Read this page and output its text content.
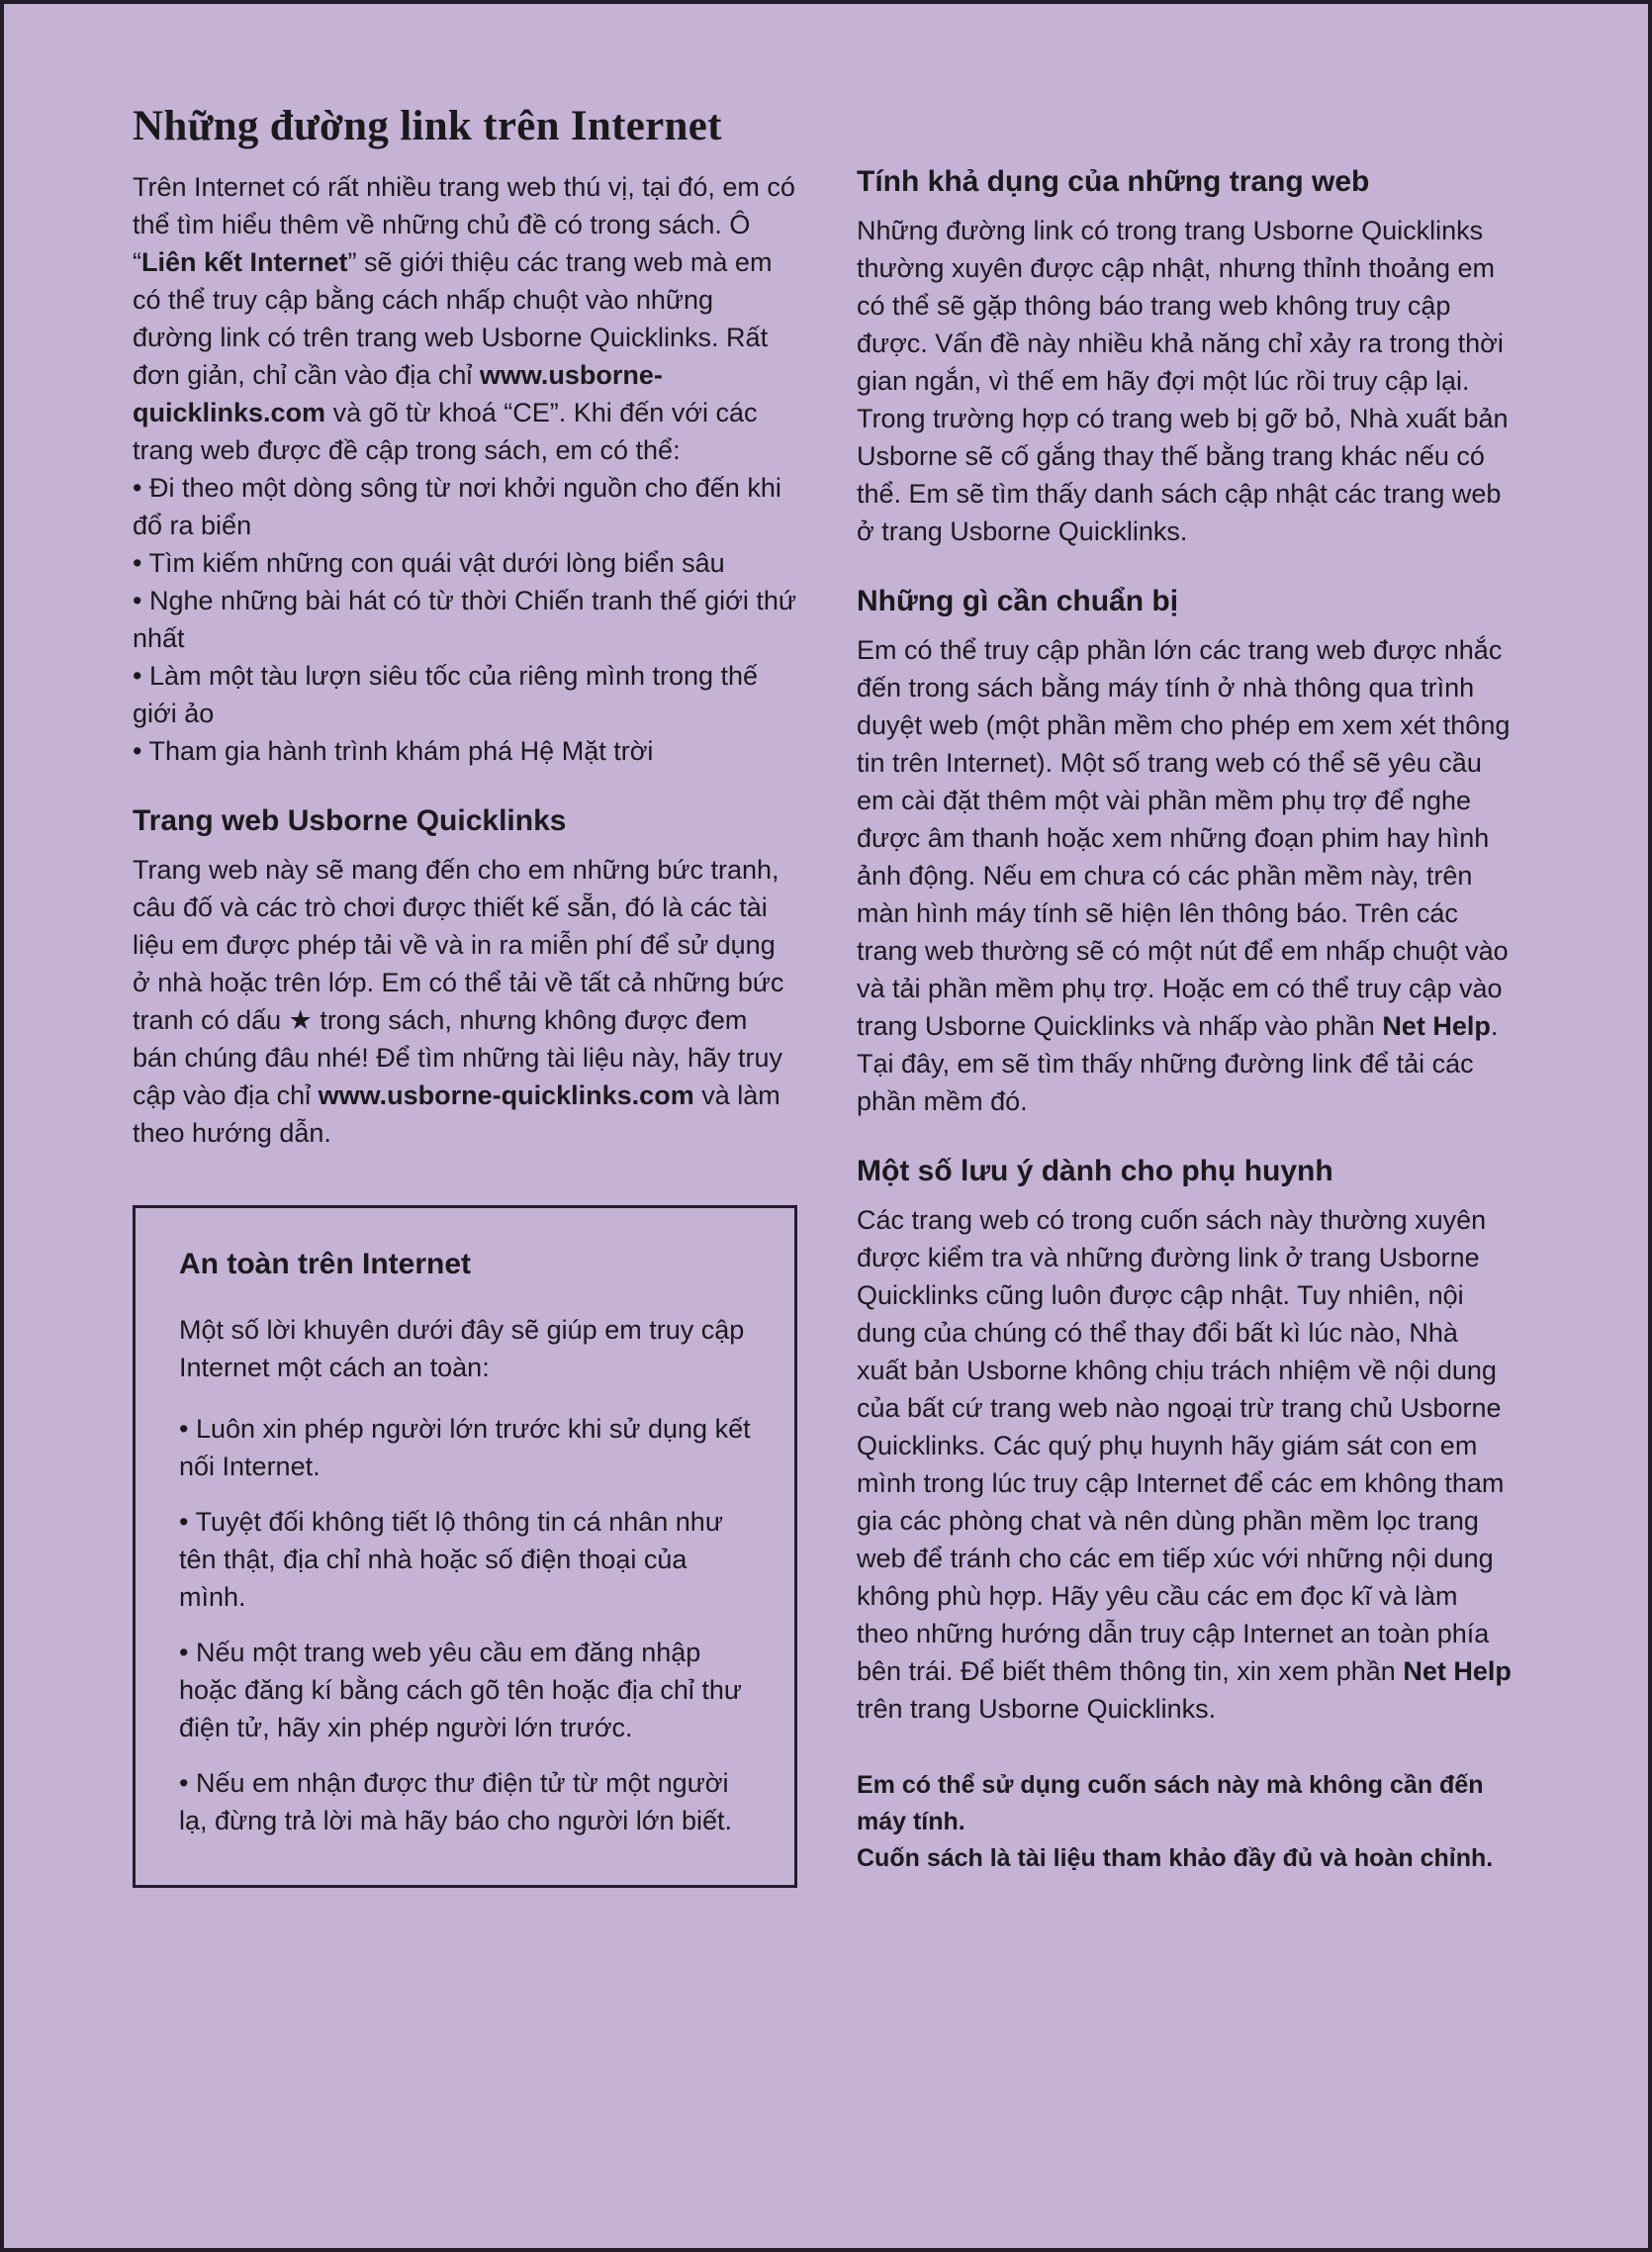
Những đường link trên Internet

Trên Internet có rất nhiều trang web thú vị, tại đó, em có thể tìm hiểu thêm về những chủ đề có trong sách. Ô “Liên kết Internet” sẽ giới thiệu các trang web mà em có thể truy cập bằng cách nhấp chuột vào những đường link có trên trang web Usborne Quicklinks. Rất đơn giản, chỉ cần vào địa chỉ www.usborne-quicklinks.com và gõ từ khoá “CE”. Khi đến với các trang web được đề cập trong sách, em có thể:

• Đi theo một dòng sông từ nơi khởi nguồn cho đến khi đổ ra biển
• Tìm kiếm những con quái vật dưới lòng biển sâu
• Nghe những bài hát có từ thời Chiến tranh thế giới thứ nhất
• Làm một tàu lượn siêu tốc của riêng mình trong thế giới ảo
• Tham gia hành trình khám phá Hệ Mặt trời
Trang web Usborne Quicklinks

Trang web này sẽ mang đến cho em những bức tranh, câu đố và các trò chơi được thiết kế sẵn, đó là các tài liệu em được phép tải về và in ra miễn phí để sử dụng ở nhà hoặc trên lớp. Em có thể tải về tất cả những bức tranh có dấu ★ trong sách, nhưng không được đem bán chúng đâu nhé! Để tìm những tài liệu này, hãy truy cập vào địa chỉ www.usborne-quicklinks.com và làm theo hướng dẫn.

An toàn trên Internet

Một số lời khuyên dưới đây sẽ giúp em truy cập Internet một cách an toàn:

• Luôn xin phép người lớn trước khi sử dụng kết nối Internet.
• Tuyệt đối không tiết lộ thông tin cá nhân như tên thật, địa chỉ nhà hoặc số điện thoại của mình.
• Nếu một trang web yêu cầu em đăng nhập hoặc đăng kí bằng cách gõ tên hoặc địa chỉ thư điện tử, hãy xin phép người lớn trước.
• Nếu em nhận được thư điện tử từ một người lạ, đừng trả lời mà hãy báo cho người lớn biết.
Tính khả dụng của những trang web

Những đường link có trong trang Usborne Quicklinks thường xuyên được cập nhật, nhưng thỉnh thoảng em có thể sẽ gặp thông báo trang web không truy cập được. Vấn đề này nhiều khả năng chỉ xảy ra trong thời gian ngắn, vì thế em hãy đợi một lúc rồi truy cập lại. Trong trường hợp có trang web bị gỡ bỏ, Nhà xuất bản Usborne sẽ cố gắng thay thế bằng trang khác nếu có thể. Em sẽ tìm thấy danh sách cập nhật các trang web ở trang Usborne Quicklinks.

Những gì cần chuẩn bị

Em có thể truy cập phần lớn các trang web được nhắc đến trong sách bằng máy tính ở nhà thông qua trình duyệt web (một phần mềm cho phép em xem xét thông tin trên Internet). Một số trang web có thể sẽ yêu cầu em cài đặt thêm một vài phần mềm phụ trợ để nghe được âm thanh hoặc xem những đoạn phim hay hình ảnh động. Nếu em chưa có các phần mềm này, trên màn hình máy tính sẽ hiện lên thông báo. Trên các trang web thường sẽ có một nút để em nhấp chuột vào và tải phần mềm phụ trợ. Hoặc em có thể truy cập vào trang Usborne Quicklinks và nhấp vào phần Net Help. Tại đây, em sẽ tìm thấy những đường link để tải các phần mềm đó.

Một số lưu ý dành cho phụ huynh

Các trang web có trong cuốn sách này thường xuyên được kiểm tra và những đường link ở trang Usborne Quicklinks cũng luôn được cập nhật. Tuy nhiên, nội dung của chúng có thể thay đổi bất kì lúc nào, Nhà xuất bản Usborne không chịu trách nhiệm về nội dung của bất cứ trang web nào ngoại trừ trang chủ Usborne Quicklinks. Các quý phụ huynh hãy giám sát con em mình trong lúc truy cập Internet để các em không tham gia các phòng chat và nên dùng phần mềm lọc trang web để tránh cho các em tiếp xúc với những nội dung không phù hợp. Hãy yêu cầu các em đọc kĩ và làm theo những hướng dẫn truy cập Internet an toàn phía bên trái. Để biết thêm thông tin, xin xem phần Net Help trên trang Usborne Quicklinks.

Em có thể sử dụng cuốn sách này mà không cần đến máy tính.
Cuốn sách là tài liệu tham khảo đầy đủ và hoàn chỉnh.
